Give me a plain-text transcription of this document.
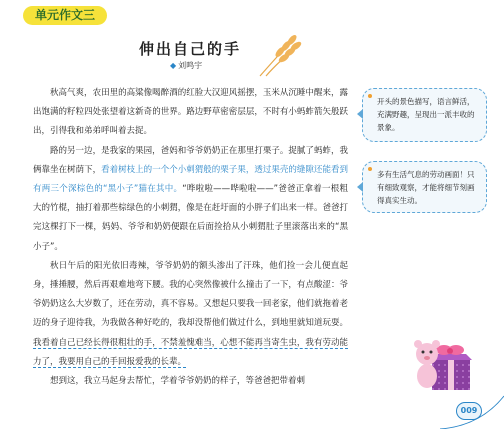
单元作文三
伸出自己的手
◆ 刘鸣宇

秋高气爽，农田里的高粱像喝醉酒的红脸大汉迎风摇摆，玉米从沉睡中醒来，露出饱满的籽粒四处张望着这新奇的世界。路边野草密密层层，不时有小蚂蚱箭矢般跃出，引得我和弟弟呼叫着去捉。

路的另一边，是我家的果园，爸妈和爷爷奶奶正在那里打栗子。捉腻了蚂蚱，我俩靠坐在树荫下，看着树枝上的一个个小刺猬般的栗子果，透过果壳的缝隙还能看到有两三个深棕色的“黑小子”猫在其中。“哗啦啦——哗啦啦——”爸爸正拿着一根粗大的竹棍，抽打着那些棕绿色的小刺猬，像是在赶圩面的小胖子们出来一样。爸爸打完这棵打下一棵，妈妈、爷爷和奶奶便跟在后面捡拾从小刺猬肚子里滚落出来的“黑小子”。

秋日午后的阳光依旧毒辣，爷爷奶奶的额头渗出了汗珠，他们捡一会儿便直起身，捶捶腰，然后再艰难地弯下腰。我的心突然像被什么撞击了一下，有点酸涩：爷爷奶奶这么大岁数了，还在劳动，真不容易。又想起只要我一回老家，他们就拖着老迈的身子迎待我，为我做各种好吃的，我却没帮他们做过什么，到地里就知道玩耍。我看着自己已经长得很粗壮的手，不禁羞愧难当，心想不能再当寄生虫，我有劳动能力了，我要用自己的手回报爱我的长辈。

想到这，我立马起身去帮忙，学着爷爷奶奶的样子，等爸爸把带着刺

开头的景色描写，语言鲜活，充满野趣，呈现出一派丰收的景象。
多有生活气息的劳动画面！只有细致观察，才能将细节刻画得真实生动。
009
